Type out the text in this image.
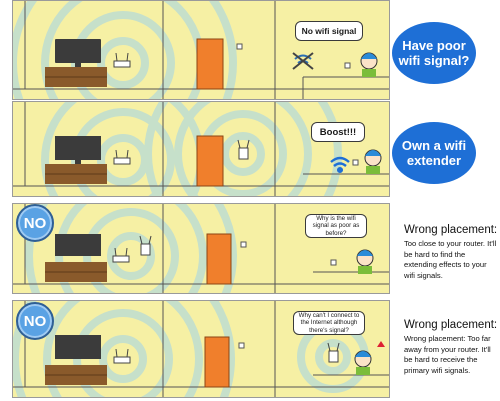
No wifi signal
Have poor wifi signal?
Boost!!!
Own a wifi extender
Why is the wifi signal as poor as before?
NO	Wrong placement:
Too close to your router. It'll be hard to find the extending effects to your wifi signals.
Why can't I connect to the Internet although there's signal?
NO	Wrong placement:
Wrong placement: Too far away from your router. It'll be hard to receive the primary wifi signals.
